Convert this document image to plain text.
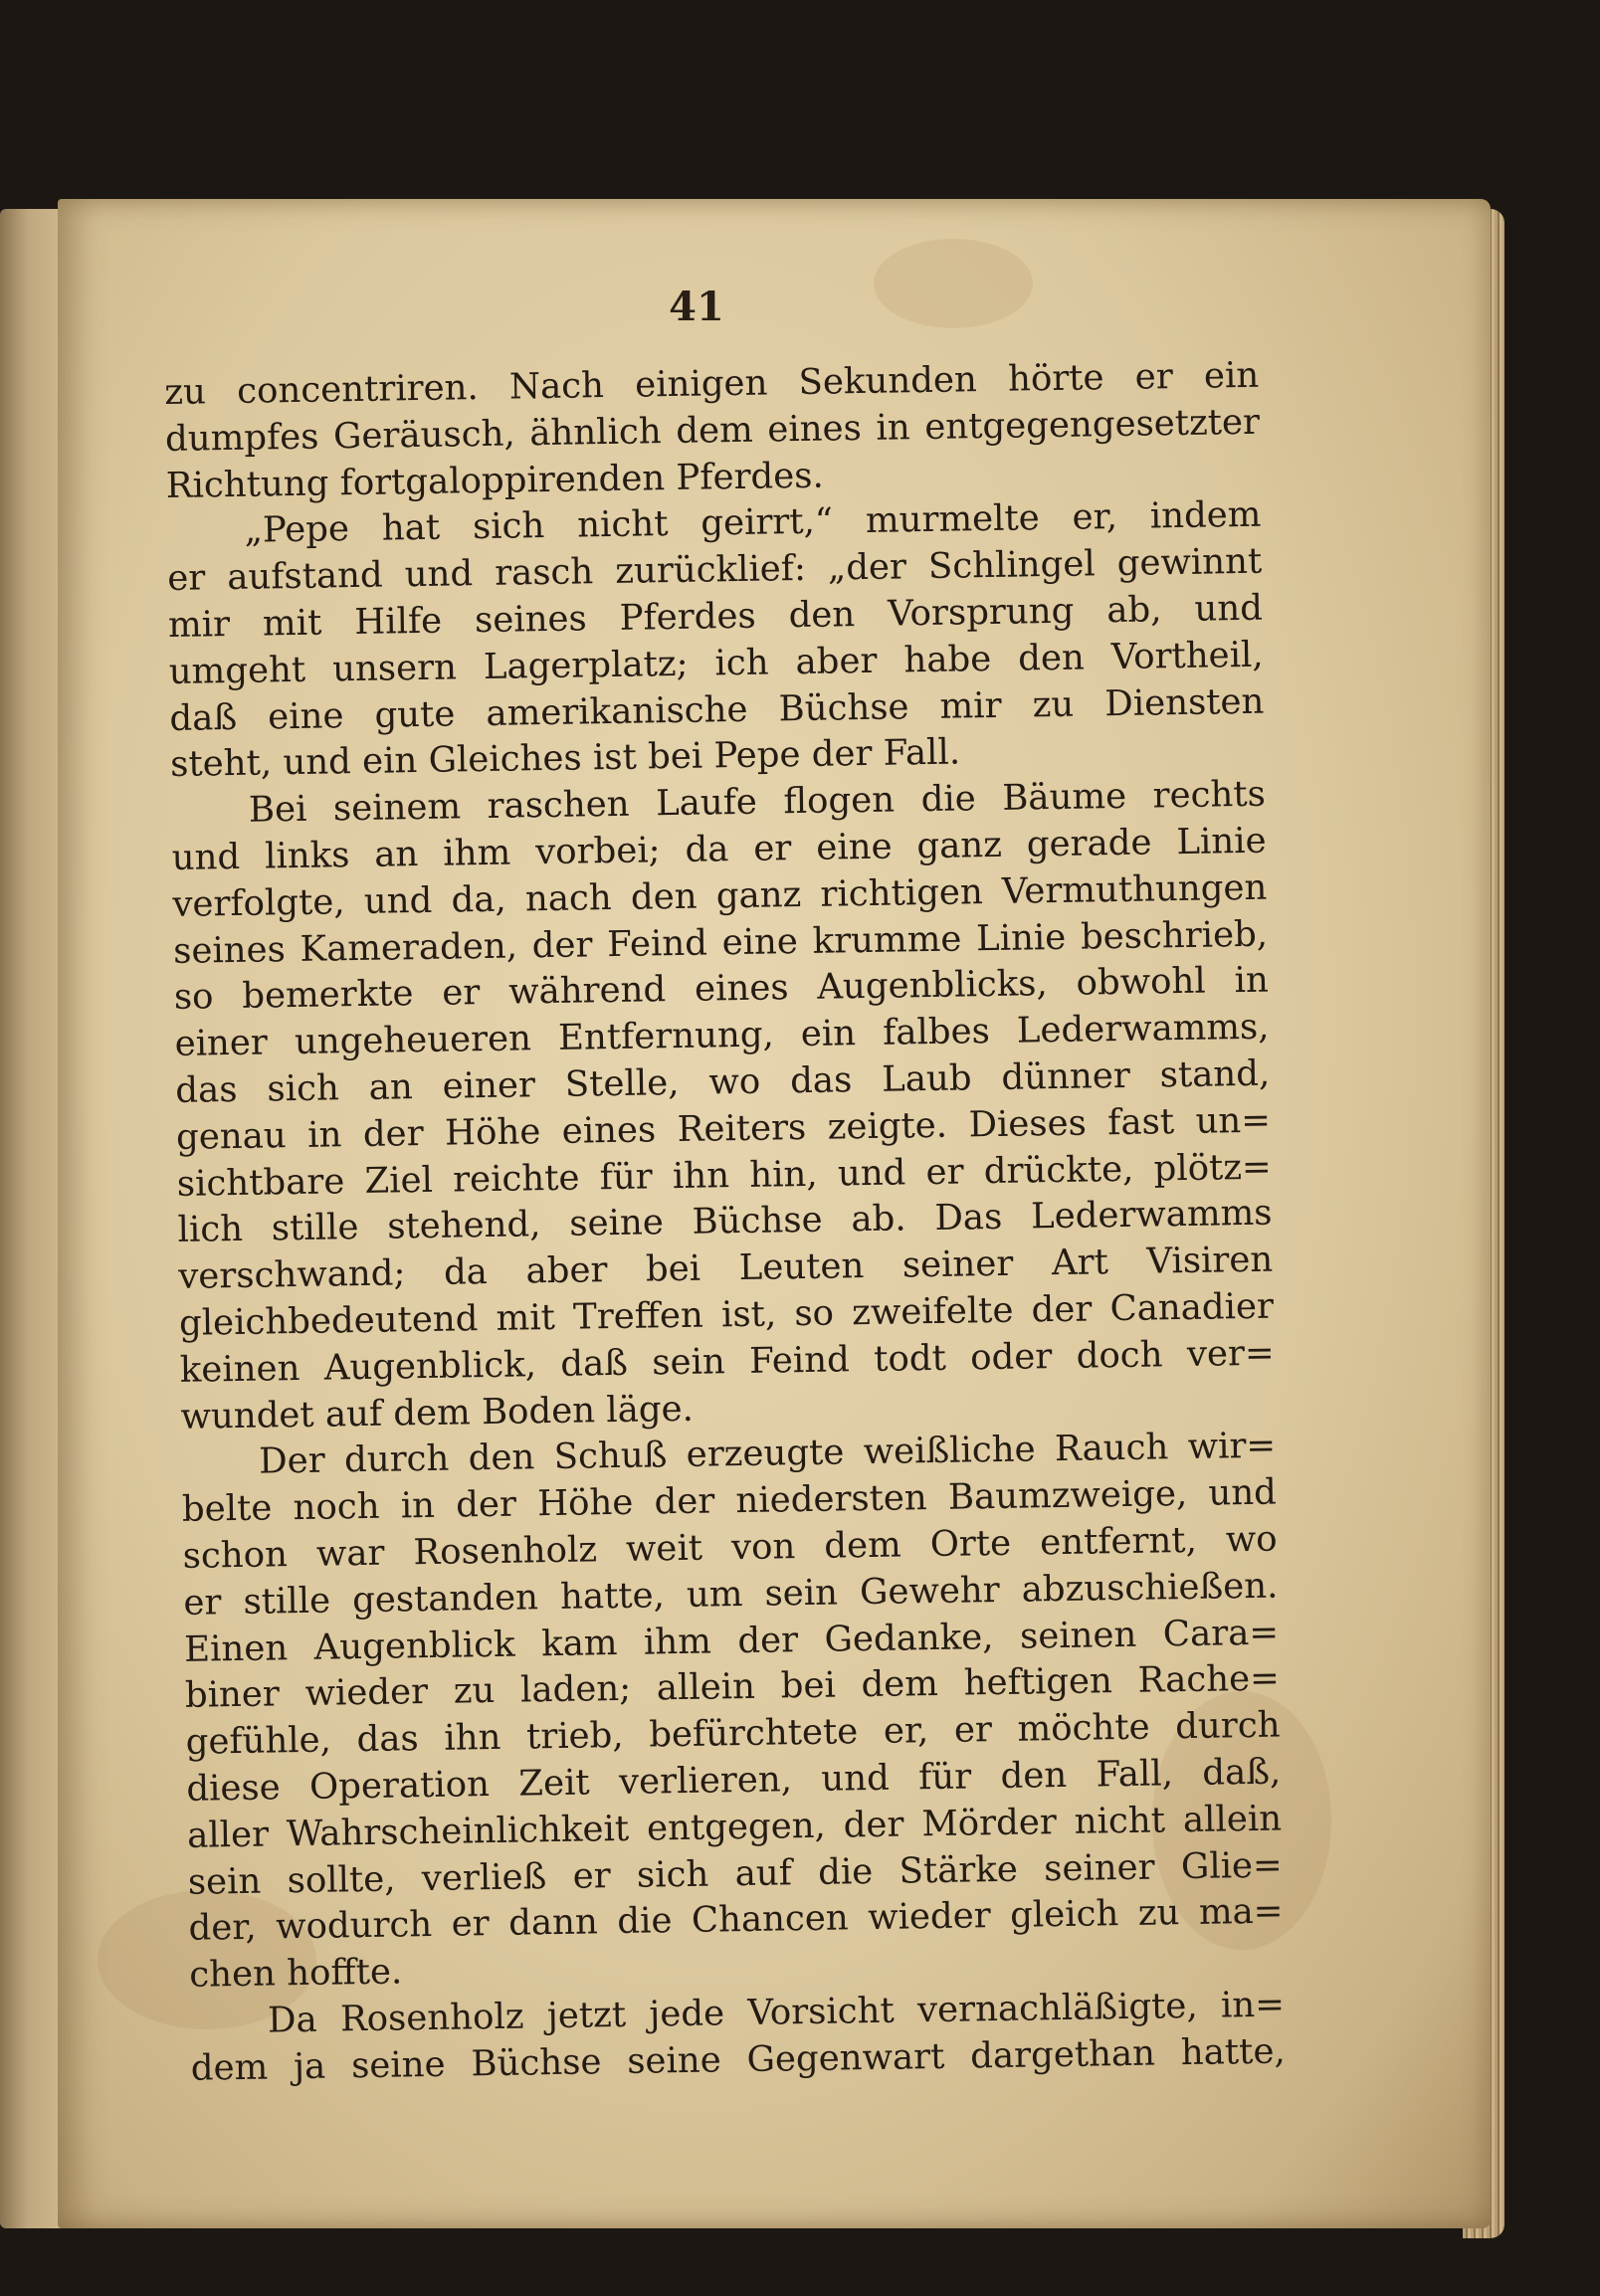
41
zu concentriren. Nach einigen Sekunden hörte er ein
dumpfes Geräusch, ähnlich dem eines in entgegengesetzter
Richtung fortgaloppirenden Pferdes.
„Pepe hat sich nicht geirrt,“ murmelte er, indem
er aufstand und rasch zurücklief: „der Schlingel gewinnt
mir mit Hilfe seines Pferdes den Vorsprung ab, und
umgeht unsern Lagerplatz; ich aber habe den Vortheil,
daß eine gute amerikanische Büchse mir zu Diensten
steht, und ein Gleiches ist bei Pepe der Fall.
Bei seinem raschen Laufe flogen die Bäume rechts
und links an ihm vorbei; da er eine ganz gerade Linie
verfolgte, und da, nach den ganz richtigen Vermuthungen
seines Kameraden, der Feind eine krumme Linie beschrieb,
so bemerkte er während eines Augenblicks, obwohl in
einer ungeheueren Entfernung, ein falbes Lederwamms,
das sich an einer Stelle, wo das Laub dünner stand,
genau in der Höhe eines Reiters zeigte. Dieses fast un=
sichtbare Ziel reichte für ihn hin, und er drückte, plötz=
lich stille stehend, seine Büchse ab. Das Lederwamms
verschwand; da aber bei Leuten seiner Art Visiren
gleichbedeutend mit Treffen ist, so zweifelte der Canadier
keinen Augenblick, daß sein Feind todt oder doch ver=
wundet auf dem Boden läge.
Der durch den Schuß erzeugte weißliche Rauch wir=
belte noch in der Höhe der niedersten Baumzweige, und
schon war Rosenholz weit von dem Orte entfernt, wo
er stille gestanden hatte, um sein Gewehr abzuschießen.
Einen Augenblick kam ihm der Gedanke, seinen Cara=
biner wieder zu laden; allein bei dem heftigen Rache=
gefühle, das ihn trieb, befürchtete er, er möchte durch
diese Operation Zeit verlieren, und für den Fall, daß,
aller Wahrscheinlichkeit entgegen, der Mörder nicht allein
sein sollte, verließ er sich auf die Stärke seiner Glie=
der, wodurch er dann die Chancen wieder gleich zu ma=
chen hoffte.
Da Rosenholz jetzt jede Vorsicht vernachläßigte, in=
dem ja seine Büchse seine Gegenwart dargethan hatte,
